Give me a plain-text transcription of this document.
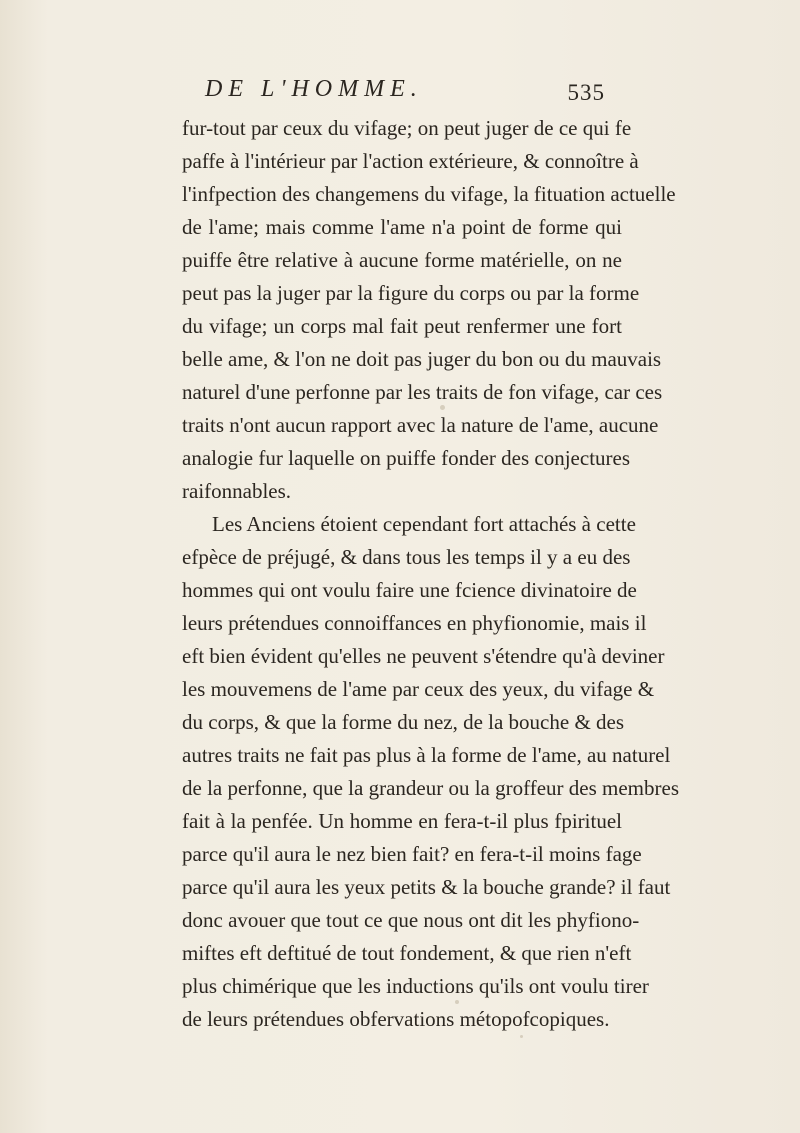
DE L'HOMME.	535
fur-tout par ceux du vifage; on peut juger de ce qui fe
paffe à l'intérieur par l'action extérieure, & connoître à
l'infpection des changemens du vifage, la fituation actuelle
de l'ame; mais comme l'ame n'a point de forme qui
puiffe être relative à aucune forme matérielle, on ne
peut pas la juger par la figure du corps ou par la forme
du vifage; un corps mal fait peut renfermer une fort
belle ame, & l'on ne doit pas juger du bon ou du mauvais
naturel d'une perfonne par les traits de fon vifage, car ces
traits n'ont aucun rapport avec la nature de l'ame, aucune
analogie fur laquelle on puiffe fonder des conjectures
raifonnables.
Les Anciens étoient cependant fort attachés à cette
efpèce de préjugé, & dans tous les temps il y a eu des
hommes qui ont voulu faire une fcience divinatoire de
leurs prétendues connoiffances en phyfionomie, mais il
eft bien évident qu'elles ne peuvent s'étendre qu'à deviner
les mouvemens de l'ame par ceux des yeux, du vifage &
du corps, & que la forme du nez, de la bouche & des
autres traits ne fait pas plus à la forme de l'ame, au naturel
de la perfonne, que la grandeur ou la groffeur des membres
fait à la penfée. Un homme en fera-t-il plus fpirituel
parce qu'il aura le nez bien fait? en fera-t-il moins fage
parce qu'il aura les yeux petits & la bouche grande? il faut
donc avouer que tout ce que nous ont dit les phyfiono-
miftes eft deftitué de tout fondement, & que rien n'eft
plus chimérique que les inductions qu'ils ont voulu tirer
de leurs prétendues obfervations métopofcopiques.
